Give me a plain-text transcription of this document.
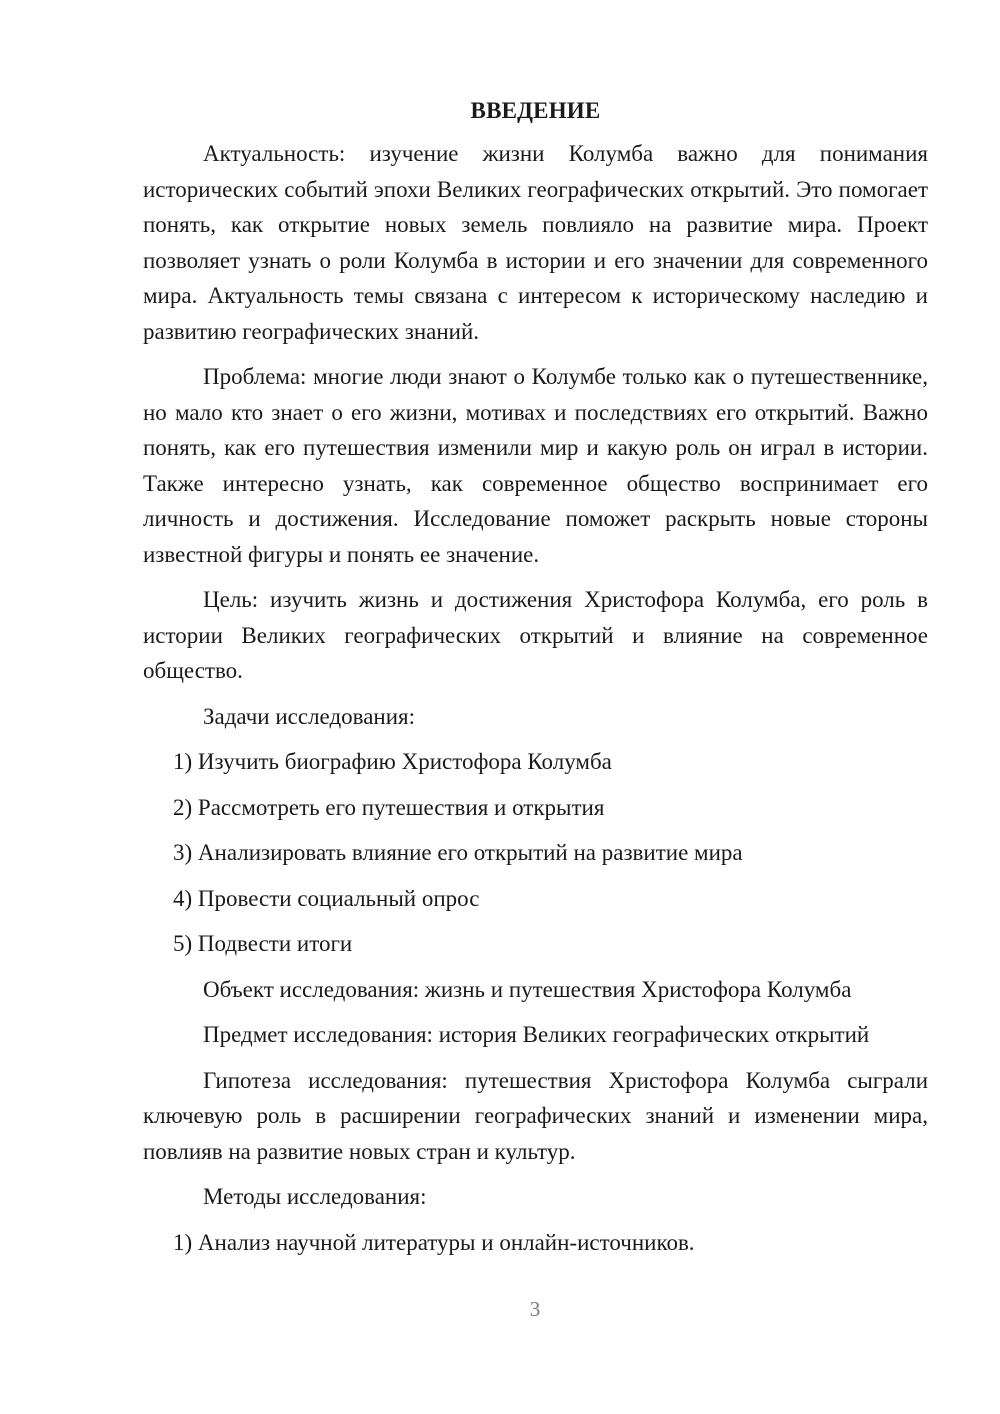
ВВЕДЕНИЕ

Актуальность: изучение жизни Колумба важно для понимания исторических событий эпохи Великих географических открытий. Это помогает понять, как открытие новых земель повлияло на развитие мира. Проект позволяет узнать о роли Колумба в истории и его значении для современного мира. Актуальность темы связана с интересом к историческому наследию и развитию географических знаний.

Проблема: многие люди знают о Колумбе только как о путешественнике, но мало кто знает о его жизни, мотивах и последствиях его открытий. Важно понять, как его путешествия изменили мир и какую роль он играл в истории. Также интересно узнать, как современное общество воспринимает его личность и достижения. Исследование поможет раскрыть новые стороны известной фигуры и понять ее значение.

Цель: изучить жизнь и достижения Христофора Колумба, его роль в истории Великих географических открытий и влияние на современное общество.

Задачи исследования:

1) Изучить биографию Христофора Колумба

2) Рассмотреть его путешествия и открытия

3) Анализировать влияние его открытий на развитие мира

4) Провести социальный опрос

5) Подвести итоги

Объект исследования: жизнь и путешествия Христофора Колумба

Предмет исследования: история Великих географических открытий

Гипотеза исследования: путешествия Христофора Колумба сыграли ключевую роль в расширении географических знаний и изменении мира, повлияв на развитие новых стран и культур.

Методы исследования:

1) Анализ научной литературы и онлайн-источников.

3
